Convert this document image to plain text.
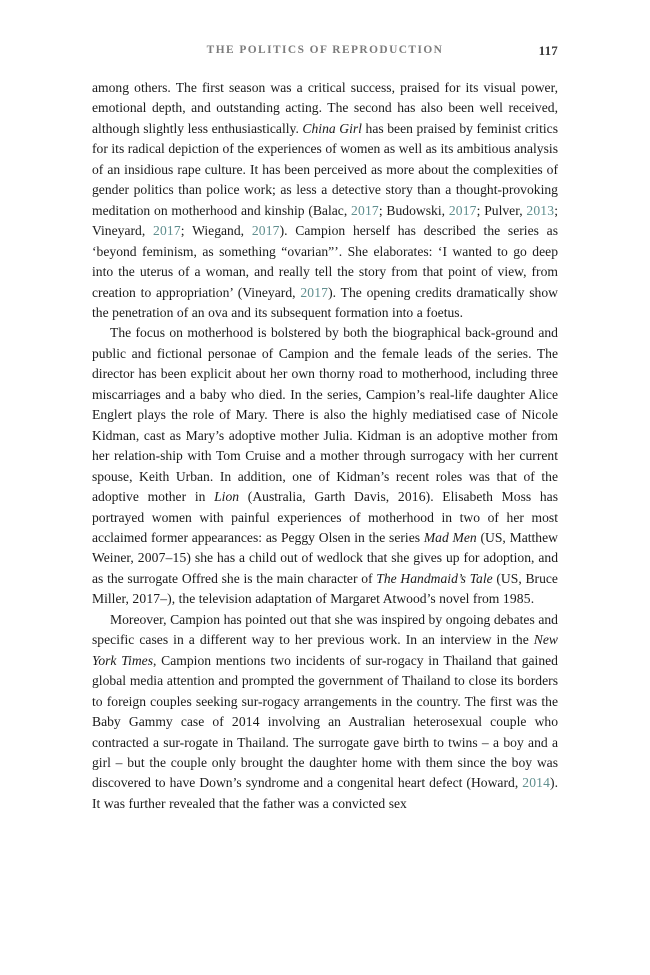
THE POLITICS OF REPRODUCTION	117

among others. The first season was a critical success, praised for its visual power, emotional depth, and outstanding acting. The second has also been well received, although slightly less enthusiastically. China Girl has been praised by feminist critics for its radical depiction of the experiences of women as well as its ambitious analysis of an insidious rape culture. It has been perceived as more about the complexities of gender politics than police work; as less a detective story than a thought-provoking meditation on motherhood and kinship (Balac, 2017; Budowski, 2017; Pulver, 2013; Vineyard, 2017; Wiegand, 2017). Campion herself has described the series as ‘beyond feminism, as something “ovarian”’. She elaborates: ‘I wanted to go deep into the uterus of a woman, and really tell the story from that point of view, from creation to appropriation’ (Vineyard, 2017). The opening credits dramatically show the penetration of an ova and its subsequent formation into a foetus.

The focus on motherhood is bolstered by both the biographical back-ground and public and fictional personae of Campion and the female leads of the series. The director has been explicit about her own thorny road to motherhood, including three miscarriages and a baby who died. In the series, Campion’s real-life daughter Alice Englert plays the role of Mary. There is also the highly mediatised case of Nicole Kidman, cast as Mary’s adoptive mother Julia. Kidman is an adoptive mother from her relation-ship with Tom Cruise and a mother through surrogacy with her current spouse, Keith Urban. In addition, one of Kidman’s recent roles was that of the adoptive mother in Lion (Australia, Garth Davis, 2016). Elisabeth Moss has portrayed women with painful experiences of motherhood in two of her most acclaimed former appearances: as Peggy Olsen in the series Mad Men (US, Matthew Weiner, 2007–15) she has a child out of wedlock that she gives up for adoption, and as the surrogate Offred she is the main character of The Handmaid’s Tale (US, Bruce Miller, 2017–), the television adaptation of Margaret Atwood’s novel from 1985.

Moreover, Campion has pointed out that she was inspired by ongoing debates and specific cases in a different way to her previous work. In an interview in the New York Times, Campion mentions two incidents of sur-rogacy in Thailand that gained global media attention and prompted the government of Thailand to close its borders to foreign couples seeking sur-rogacy arrangements in the country. The first was the Baby Gammy case of 2014 involving an Australian heterosexual couple who contracted a sur-rogate in Thailand. The surrogate gave birth to twins – a boy and a girl – but the couple only brought the daughter home with them since the boy was discovered to have Down’s syndrome and a congenital heart defect (Howard, 2014). It was further revealed that the father was a convicted sex
